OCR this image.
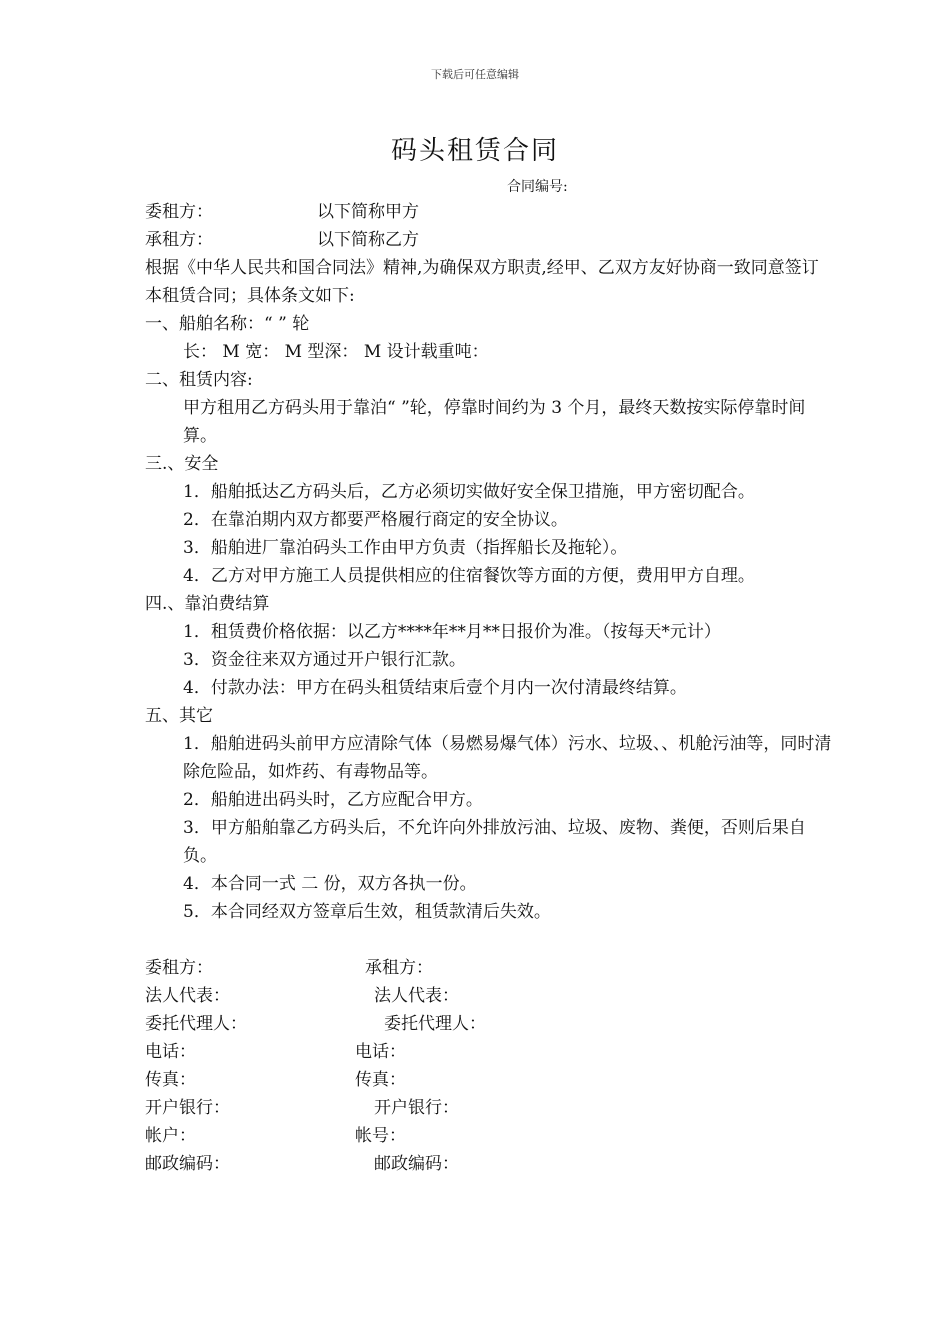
下载后可任意编辑
码头租赁合同
合同编号:
委租方：	以下简称甲方
承租方：	以下简称乙方
根据《中华人民共和国合同法》精神,为确保双方职责,经甲、乙双方友好协商一致同意签订本租赁合同；具体条文如下:
一、船舶名称：“ ” 轮
长： M 宽： M 型深： M 设计载重吨：
二、租赁内容:
甲方租用乙方码头用于靠泊“ ”轮，停靠时间约为 3 个月，最终天数按实际停靠时间算。
三.、安全
1．船舶抵达乙方码头后，乙方必须切实做好安全保卫措施，甲方密切配合。
2．在靠泊期内双方都要严格履行商定的安全协议。
3．船舶进厂靠泊码头工作由甲方负责（指挥船长及拖轮）。
4．乙方对甲方施工人员提供相应的住宿餐饮等方面的方便，费用甲方自理。
四.、靠泊费结算
1．租赁费价格依据：以乙方****年**月**日报价为准。（按每天*元计）
3．资金往来双方通过开户银行汇款。
4．付款办法：甲方在码头租赁结束后壹个月内一次付清最终结算。
五、其它
1．船舶进码头前甲方应清除气体（易燃易爆气体）污水、垃圾、、机舱污油等，同时清除危险品，如炸药、有毒物品等。
2．船舶进出码头时，乙方应配合甲方。
3．甲方船舶靠乙方码头后，不允许向外排放污油、垃圾、废物、粪便，否则后果自负。
4．本合同一式 二 份，双方各执一份。
5．本合同经双方签章后生效，租赁款清后失效。
委租方：	承租方：
法人代表：	法人代表：
委托代理人：	委托代理人：
电话：	电话：
传真：	传真：
开户银行：	开户银行：
帐户：	帐号：
邮政编码：	邮政编码：
